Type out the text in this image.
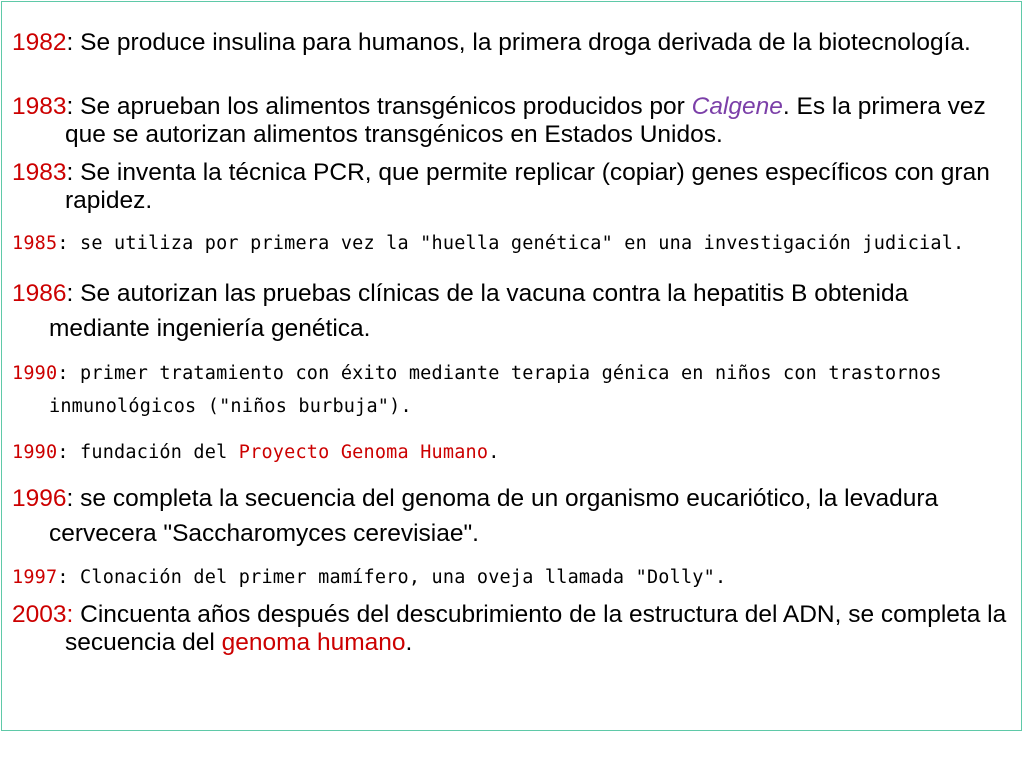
1982: Se produce insulina para humanos, la primera droga derivada de la biotecnología.
1983: Se aprueban los alimentos transgénicos producidos por Calgene. Es la primera vez que se autorizan alimentos transgénicos en Estados Unidos.
1983: Se inventa la técnica PCR, que permite replicar (copiar) genes específicos con gran rapidez.
1985: se utiliza por primera vez la "huella genética" en una investigación judicial.
1986: Se autorizan las pruebas clínicas de la vacuna contra la hepatitis B obtenida mediante ingeniería genética.
1990: primer tratamiento con éxito mediante terapia génica en niños con trastornos inmunológicos ("niños burbuja").
1990: fundación del Proyecto Genoma Humano.
1996: se completa la secuencia del genoma de un organismo eucariótico, la levadura cervecera "Saccharomyces cerevisiae".
1997: Clonación del primer mamífero, una oveja llamada "Dolly".
2003: Cincuenta años después del descubrimiento de la estructura del ADN, se completa la secuencia del genoma humano.
